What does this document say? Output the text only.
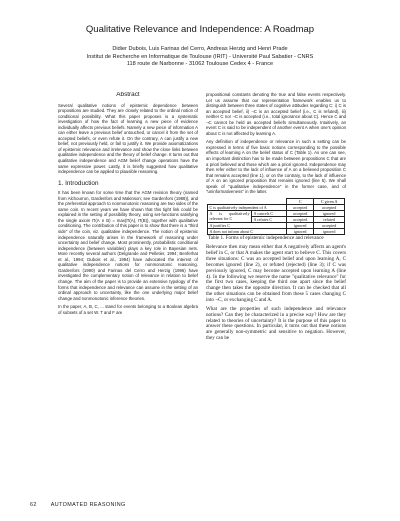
Qualitative Relevance and Independence: A Roadmap
Didier Dubois, Luis Farinas del Cerro, Andreas Herzig and Henri Prade
Institut de Recherche en Informatique de Toulouse (IRIT) - Université Paul Sabatier - CNRS
118 route de Narbonne - 31062 Toulouse Cedex 4 - France
Abstract

Several qualitative notions of epistemic dependence between propositions are studied. They are closely related to the ordinal notion of conditional possibility. What this paper proposes is a systematic investigation of how the fact of learning a new piece of evidence individually affects previous beliefs. Namely a new piece of information A can either leave a previous belief untouched, or cancel it from the set of accepted beliefs, or even refute it. On the contrary, A can justify a new belief, not previously held, or fail to justify it. We provide axiomatizations of epistemic relevance and irrelevance and show the close links between qualitative independence and the theory of belief change. It turns out that qualitative independence and AGM belief change operations have the same expressive power. Lastly, it is briefly suggested how qualitative independence can be applied to plausible reasoning.

1. Introduction

It has been known for some time that the AGM revision theory (named from Alchourron, Gardenfors and Makinson; see Gardenfors (1988)), and the preferential approach to nonmonotonic reasoning are two sides of the same coin. In recent years we have shown that this tight link could be explained in the setting of possibility theory, using set-functions satisfying the single axiom Π(A ∨ B) = max(Π(A), Π(B)), together with qualitative conditioning. The contribution of this paper is to show that there is a "third side" of the coin, viz. qualitative independence. The notion of epistemic independence naturally arises in the framework of reasoning under uncertainty and belief change. Most prominently, probabilistic conditional independence (between variables) plays a key role in Bayesian nets. More recently several authors (Delgrande and Pelletier, 1994; Benferhat et al., 1994; Dubois et al., 1994) have advocated the interest of qualitative independence notions for nonmonotonic reasoning. Gardenfors (1990) and Farinas del Cerro and Herzig (1996) have investigated the complementary notion of relevance in relation to belief change. The aim of the paper is to provide an extensive typology of the forms that independence and relevance can assume in the setting of an ordinal approach to uncertainty, like the one underlying major belief change and nonmonotonic inference theories.

In the paper, A, B, C, ... stand for events belonging to a Boolean algebra of subsets of a set W. T and F are

propositional constants denoting the true and false events respectively. Let us assume that our representation framework enables us to distinguish between three states of cognitive attitudes regarding C: i) C is an accepted belief, ii) ¬C is an accepted belief (i.e., C is refuted), iii) neither C nor ¬C is accepted (i.e., total ignorance about C). Hence C and ¬C cannot be held as accepted beliefs simultaneously. Intuitively, an event C is said to be independent of another event A when one's opinion about C is not affected by learning A.

Any definition of independence or relevance in such a setting can be expressed in terms of five basic notions corresponding to the possible effects of learning A on the belief status of C (Table 1). As one can see, an important distinction has to be made between propositions C that are a priori believed and those which are a priori ignored. Independence may then refer either to the lack of influence of A on a believed proposition C that remains accepted (line 1), or on the contrary, to the lack of influence of A on an ignored proposition that remains ignored (line 5). We shall speak of "qualitative independence" in the former case, and of "uninformativeness" in the latter.

		C	C given A
C is qualitatively independent of A		accepted	accepted
A is qualitatively relevant for C	A cancels C	accepted	ignored
	A refutes C	accepted	refuted
A justifies C		ignored	accepted
A does not inform about C		ignored	ignored
Table 1. Forms of epistemic independence and relevance

Relevance then may mean either that A negatively affects an agent's belief in C, or that A makes the agent start to believe C. This covers three situations: C was an accepted belief and upon learning A, C becomes ignored (line 2), or refuted (rejected) (line 3); if C was previously ignored, C may become accepted upon learning A (line 4). In the following we reserve the name "qualitative relevance" for the first two cases, keeping the third one apart since the belief change then takes the opposite direction. It can be checked that all the other situations can be obtained from these 5 cases changing C into ¬C, or exchanging C and A.

What are the properties of such independence and relevance notions? Can they be characterized in a precise way? How are they related to theories of uncertainty? It is the purpose of this paper to answer these questions. In particular, it turns out that these notions are generally non-symmetric and sensitive to negation. However, they can be

62	AUTOMATED REASONING
